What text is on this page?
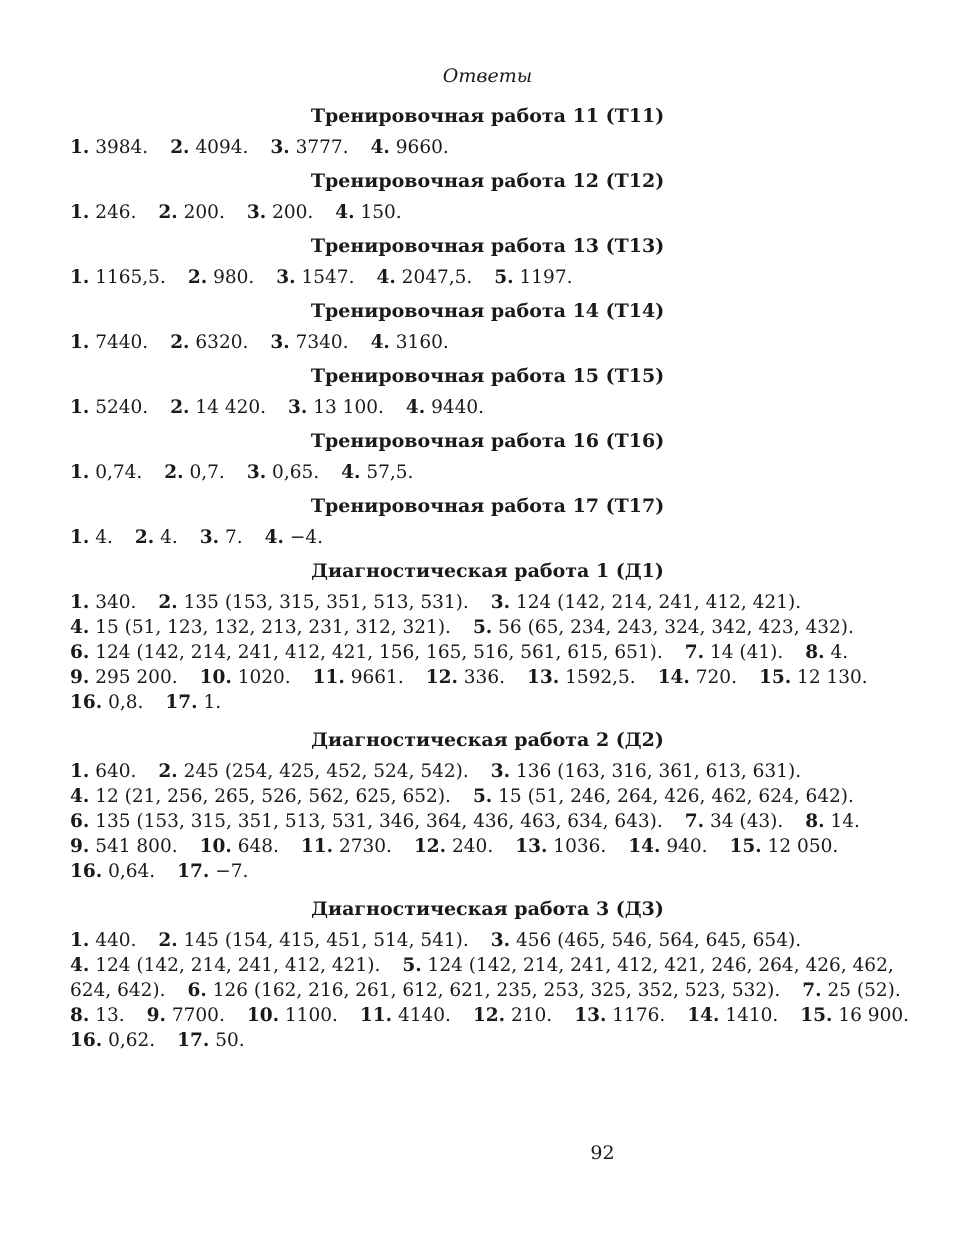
Ответы
Тренировочная работа 11 (Т11)
1. 3984. 2. 4094. 3. 3777. 4. 9660.
Тренировочная работа 12 (Т12)
1. 246. 2. 200. 3. 200. 4. 150.
Тренировочная работа 13 (Т13)
1. 1165,5. 2. 980. 3. 1547. 4. 2047,5. 5. 1197.
Тренировочная работа 14 (Т14)
1. 7440. 2. 6320. 3. 7340. 4. 3160.
Тренировочная работа 15 (Т15)
1. 5240. 2. 14 420. 3. 13 100. 4. 9440.
Тренировочная работа 16 (Т16)
1. 0,74. 2. 0,7. 3. 0,65. 4. 57,5.
Тренировочная работа 17 (Т17)
1. 4. 2. 4. 3. 7. 4. −4.
Диагностическая работа 1 (Д1)
1. 340. 2. 135 (153, 315, 351, 513, 531). 3. 124 (142, 214, 241, 412, 421).
4. 15 (51, 123, 132, 213, 231, 312, 321). 5. 56 (65, 234, 243, 324, 342, 423, 432).
6. 124 (142, 214, 241, 412, 421, 156, 165, 516, 561, 615, 651). 7. 14 (41). 8. 4.
9. 295 200. 10. 1020. 11. 9661. 12. 336. 13. 1592,5. 14. 720. 15. 12 130.
16. 0,8. 17. 1.
Диагностическая работа 2 (Д2)
1. 640. 2. 245 (254, 425, 452, 524, 542). 3. 136 (163, 316, 361, 613, 631).
4. 12 (21, 256, 265, 526, 562, 625, 652). 5. 15 (51, 246, 264, 426, 462, 624, 642).
6. 135 (153, 315, 351, 513, 531, 346, 364, 436, 463, 634, 643). 7. 34 (43). 8. 14.
9. 541 800. 10. 648. 11. 2730. 12. 240. 13. 1036. 14. 940. 15. 12 050.
16. 0,64. 17. −7.
Диагностическая работа 3 (Д3)
1. 440. 2. 145 (154, 415, 451, 514, 541). 3. 456 (465, 546, 564, 645, 654).
4. 124 (142, 214, 241, 412, 421). 5. 124 (142, 214, 241, 412, 421, 246, 264, 426, 462,
624, 642). 6. 126 (162, 216, 261, 612, 621, 235, 253, 325, 352, 523, 532). 7. 25 (52).
8. 13. 9. 7700. 10. 1100. 11. 4140. 12. 210. 13. 1176. 14. 1410. 15. 16 900.
16. 0,62. 17. 50.
92
